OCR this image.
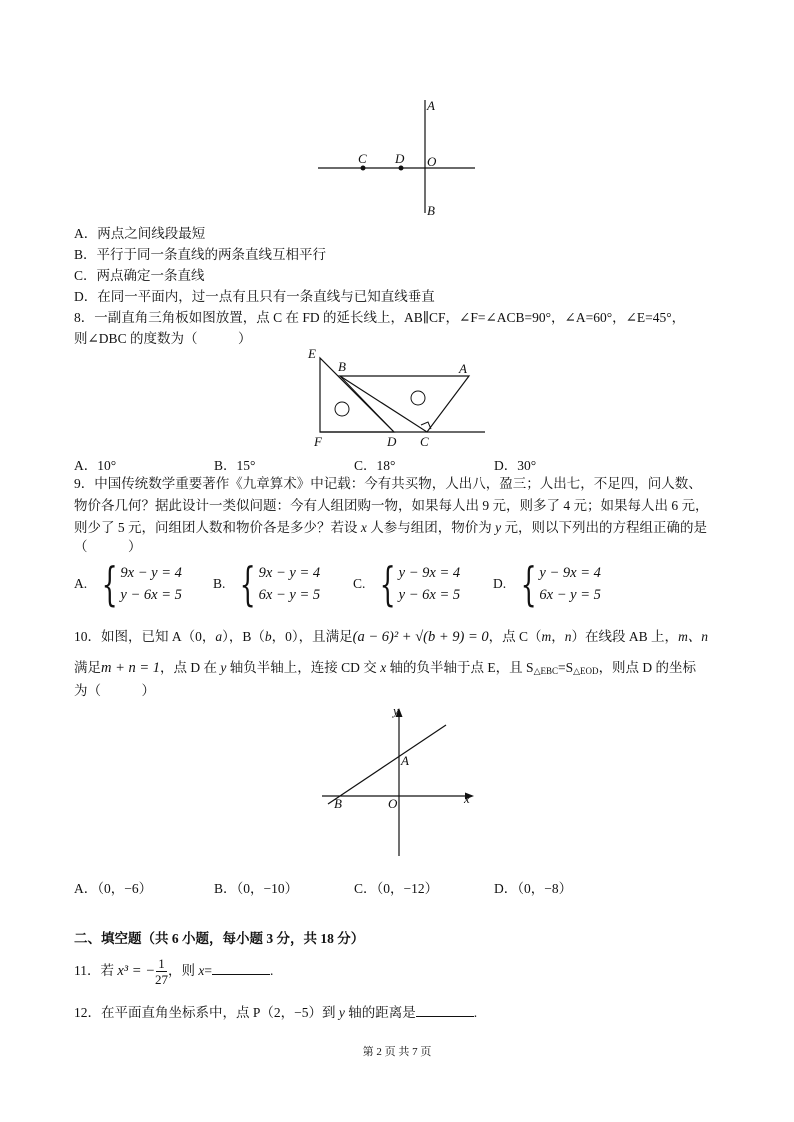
A
C D O
B
A．两点之间线段最短
B．平行于同一条直线的两条直线互相平行
C．两点确定一条直线
D．在同一平面内，过一点有且只有一条直线与已知直线垂直
8．一副直角三角板如图放置，点 C 在 FD 的延长线上，AB∥CF，∠F=∠ACB=90°，∠A=60°，∠E=45°，
则∠DBC 的度数为（　　　）
E
B	A
F	D C
A．10°	B．15°	C．18°	D．30°
9．中国传统数学重要著作《九章算术》中记载：今有共买物，人出八，盈三；人出七，不足四，问人数、
物价各几何？据此设计一类似问题：今有人组团购一物，如果每人出 9 元，则多了 4 元；如果每人出 6 元，
则少了 5 元，问组团人数和物价各是多少？若设 x 人参与组团，物价为 y 元，则以下列出的方程组正确的是
（　　　）
A. { 9x − y = 4
y − 6x = 5
B. { 9x − y = 4
6x − y = 5
C. { y − 9x = 4
y − 6x = 5
D. { y − 9x = 4
6x − y = 5
10．如图，已知 A（0，a），B（b，0），且满足(a − 6)² + √(b + 9) = 0，点 C（m，n）在线段 AB 上，m、n
满足m + n = 1，点 D 在 y 轴负半轴上，连接 CD 交 x 轴的负半轴于点 E，且 $S_{\triangle EBC}=S_{\triangle EOD}$，则点 D 的坐标
为（　　　）
y
A
B	O	x
A．（0，−6）	B．（0，−10）	C．（0，−12）	D．（0，−8）
二、填空题（共 6 小题，每小题 3 分，共 18 分）
11．若 x³ = − $\frac{1}{27}$ ，则 x=	.
12．在平面直角坐标系中，点 P（2，−5）到 y 轴的距离是	.
第 2 页 共 7 页
